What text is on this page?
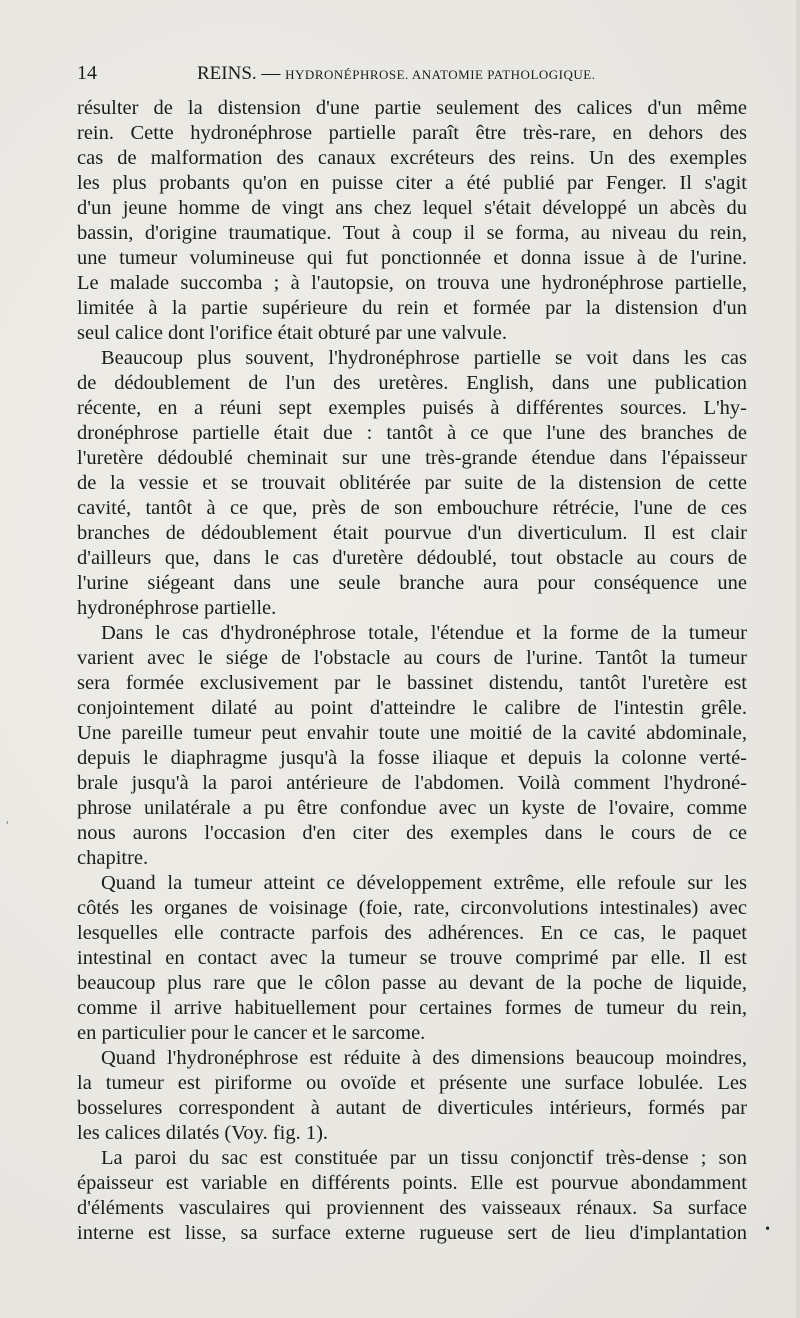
14	REINS. — HYDRONÉPHROSE. ANATOMIE PATHOLOGIQUE.
résulter de la distension d'une partie seulement des calices d'un même
rein. Cette hydronéphrose partielle paraît être très-rare, en dehors des
cas de malformation des canaux excréteurs des reins. Un des exemples
les plus probants qu'on en puisse citer a été publié par Fenger. Il s'agit
d'un jeune homme de vingt ans chez lequel s'était développé un abcès du
bassin, d'origine traumatique. Tout à coup il se forma, au niveau du rein,
une tumeur volumineuse qui fut ponctionnée et donna issue à de l'urine.
Le malade succomba ; à l'autopsie, on trouva une hydronéphrose partielle,
limitée à la partie supérieure du rein et formée par la distension d'un
seul calice dont l'orifice était obturé par une valvule.
Beaucoup plus souvent, l'hydronéphrose partielle se voit dans les cas
de dédoublement de l'un des uretères. English, dans une publication
récente, en a réuni sept exemples puisés à différentes sources. L'hy-
dronéphrose partielle était due : tantôt à ce que l'une des branches de
l'uretère dédoublé cheminait sur une très-grande étendue dans l'épaisseur
de la vessie et se trouvait oblitérée par suite de la distension de cette
cavité, tantôt à ce que, près de son embouchure rétrécie, l'une de ces
branches de dédoublement était pourvue d'un diverticulum. Il est clair
d'ailleurs que, dans le cas d'uretère dédoublé, tout obstacle au cours de
l'urine siégeant dans une seule branche aura pour conséquence une
hydronéphrose partielle.
Dans le cas d'hydronéphrose totale, l'étendue et la forme de la tumeur
varient avec le siége de l'obstacle au cours de l'urine. Tantôt la tumeur
sera formée exclusivement par le bassinet distendu, tantôt l'uretère est
conjointement dilaté au point d'atteindre le calibre de l'intestin grêle.
Une pareille tumeur peut envahir toute une moitié de la cavité abdominale,
depuis le diaphragme jusqu'à la fosse iliaque et depuis la colonne verté-
brale jusqu'à la paroi antérieure de l'abdomen. Voilà comment l'hydroné-
phrose unilatérale a pu être confondue avec un kyste de l'ovaire, comme
nous aurons l'occasion d'en citer des exemples dans le cours de ce
chapitre.
Quand la tumeur atteint ce développement extrême, elle refoule sur les
côtés les organes de voisinage (foie, rate, circonvolutions intestinales) avec
lesquelles elle contracte parfois des adhérences. En ce cas, le paquet
intestinal en contact avec la tumeur se trouve comprimé par elle. Il est
beaucoup plus rare que le côlon passe au devant de la poche de liquide,
comme il arrive habituellement pour certaines formes de tumeur du rein,
en particulier pour le cancer et le sarcome.
Quand l'hydronéphrose est réduite à des dimensions beaucoup moindres,
la tumeur est piriforme ou ovoïde et présente une surface lobulée. Les
bosselures correspondent à autant de diverticules intérieurs, formés par
les calices dilatés (Voy. fig. 1).
La paroi du sac est constituée par un tissu conjonctif très-dense ; son
épaisseur est variable en différents points. Elle est pourvue abondamment
d'éléments vasculaires qui proviennent des vaisseaux rénaux. Sa surface
interne est lisse, sa surface externe rugueuse sert de lieu d'implantation •
′
